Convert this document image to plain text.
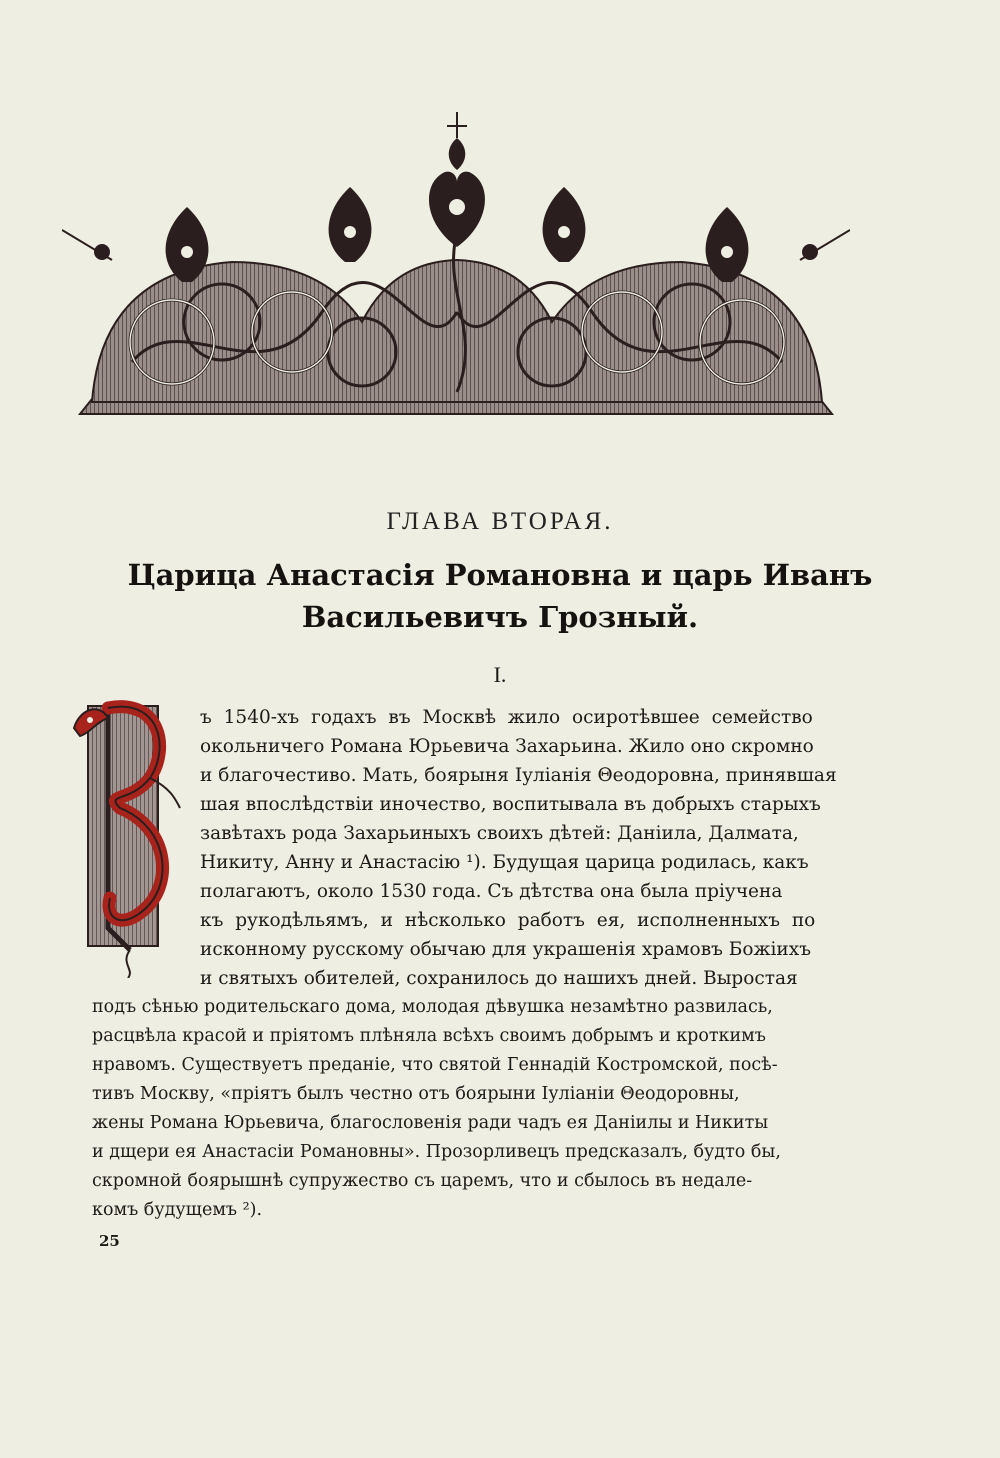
ГЛАВА ВТОРАЯ.
Царица Анастасія Романовна и царь Иванъ
Васильевичъ Грозный.
I.
ъ 1540-хъ годахъ въ Москвѣ жило осиротѣвшее семейство
окольничего Романа Юрьевича Захарьина. Жило оно скромно
и благочестиво. Мать, боярыня Іуліанія Θеодоровна, принявшая
шая впослѣдствіи иночество, воспитывала въ добрыхъ старыхъ
завѣтахъ рода Захарьиныхъ своихъ дѣтей: Даніила, Далмата,
Никиту, Анну и Анастасію ¹). Будущая царица родилась, какъ
полагаютъ, около 1530 года. Съ дѣтства она была пріучена
къ рукодѣльямъ, и нѣсколько работъ ея, исполненныхъ по
исконному русскому обычаю для украшенія храмовъ Божіихъ
и святыхъ обителей, сохранилось до нашихъ дней. Выростая
подъ сѣнью родительскаго дома, молодая дѣвушка незамѣтно развилась,
расцвѣла красой и пріятомъ плѣняла всѣхъ своимъ добрымъ и кроткимъ
нравомъ. Существуетъ преданіе, что святой Геннадій Костромской, посѣ-
тивъ Москву, «пріятъ былъ честно отъ боярыни Іуліаніи Θеодоровны,
жены Романа Юрьевича, благословенія ради чадъ ея Даніилы и Никиты
и дщери ея Анастасіи Романовны». Прозорливецъ предсказалъ, будто бы,
скромной боярышнѣ супружество съ царемъ, что и сбылось въ недале-
комъ будущемъ ²).
25
